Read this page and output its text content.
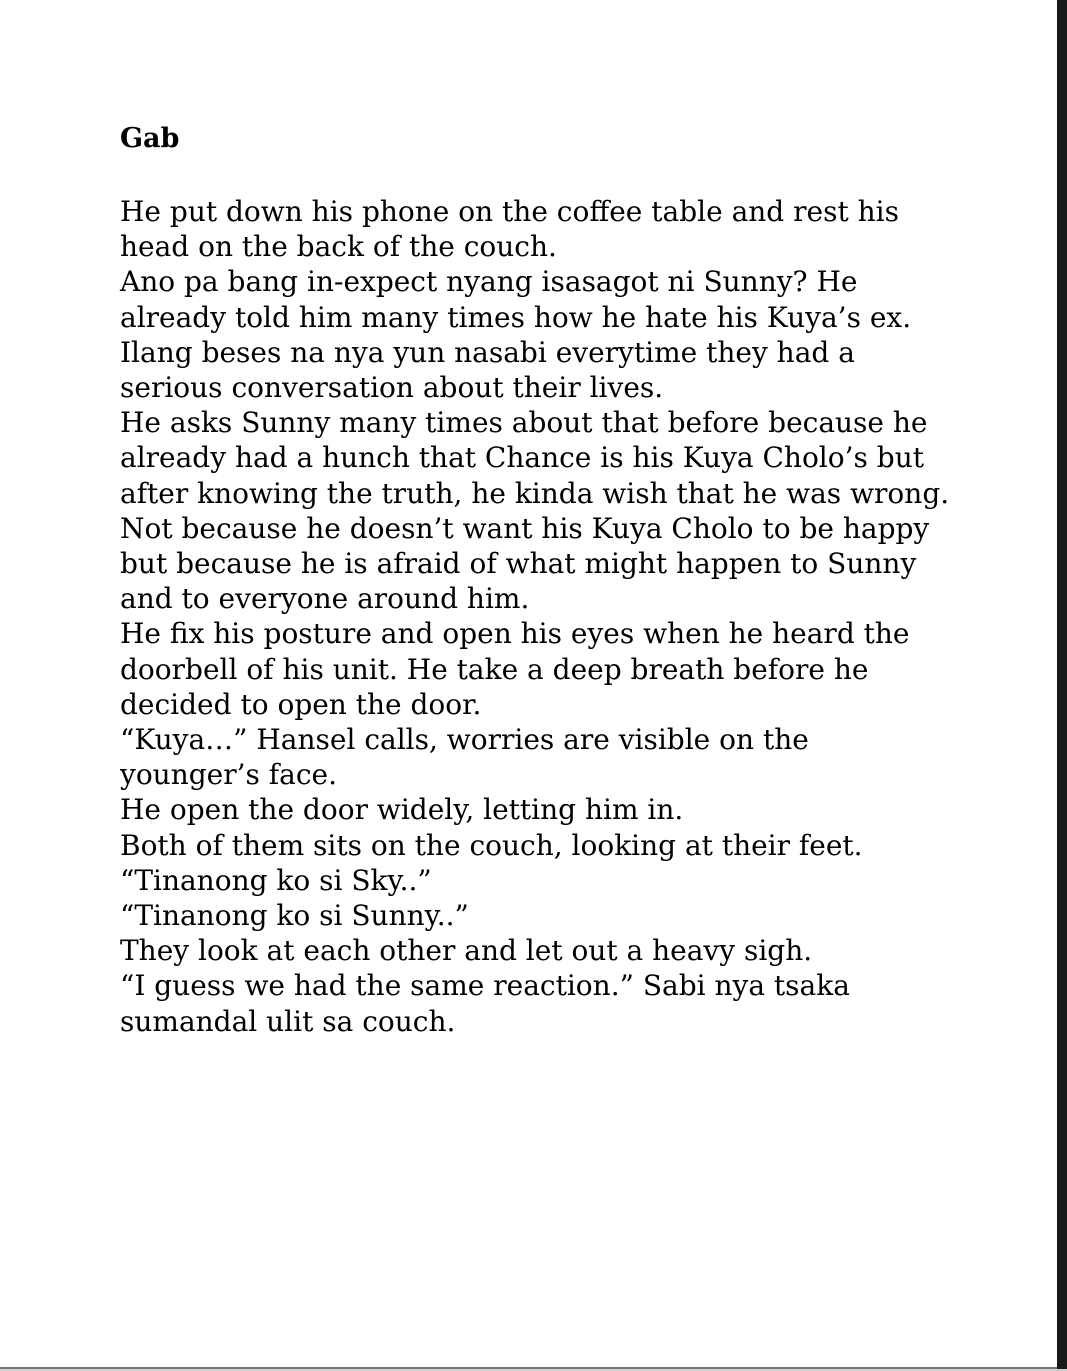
Gab

He put down his phone on the coffee table and rest his head on the back of the couch.

Ano pa bang in-expect nyang isasagot ni Sunny? He already told him many times how he hate his Kuya’s ex.

Ilang beses na nya yun nasabi everytime they had a serious conversation about their lives.

He asks Sunny many times about that before because he already had a hunch that Chance is his Kuya Cholo’s but after knowing the truth, he kinda wish that he was wrong.

Not because he doesn’t want his Kuya Cholo to be happy but because he is afraid of what might happen to Sunny and to everyone around him.

He fix his posture and open his eyes when he heard the doorbell of his unit. He take a deep breath before he decided to open the door.

“Kuya…” Hansel calls, worries are visible on the younger’s face.

He open the door widely, letting him in.

Both of them sits on the couch, looking at their feet.

“Tinanong ko si Sky..”

“Tinanong ko si Sunny..”

They look at each other and let out a heavy sigh.

“I guess we had the same reaction.” Sabi nya tsaka sumandal ulit sa couch.
